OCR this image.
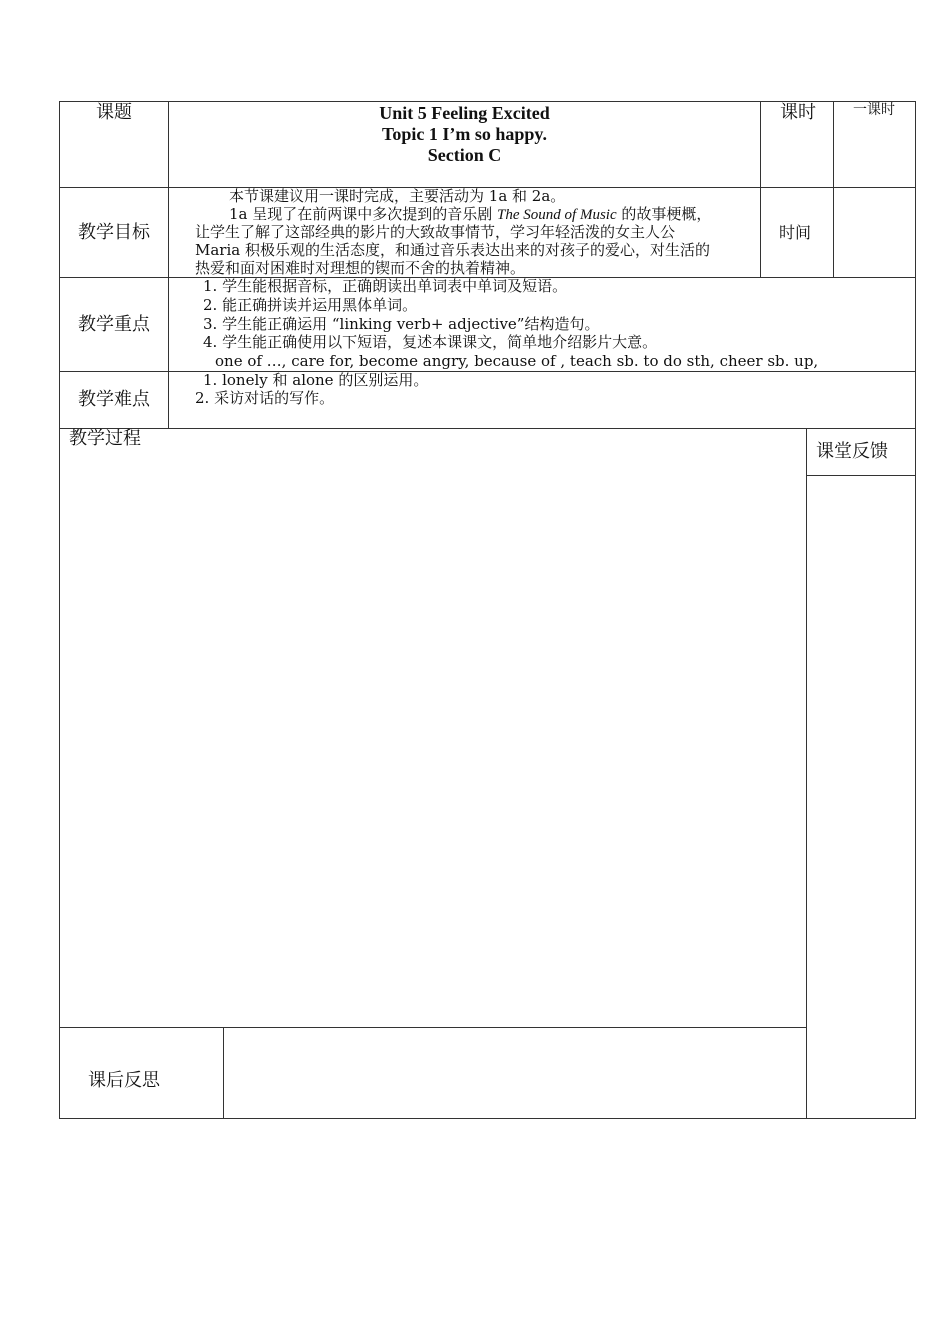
课题	Unit 5 Feeling Excited
Topic 1 I’m so happy.
Section C
课时	一课时
教学目标
本节课建议用一课时完成，主要活动为 1a 和 2a。
1a 呈现了在前两课中多次提到的音乐剧 The Sound of Music 的故事梗概，
让学生了解了这部经典的影片的大致故事情节，学习年轻活泼的女主人公
Maria 积极乐观的生活态度，和通过音乐表达出来的对孩子的爱心，对生活的
热爱和面对困难时对理想的锲而不舍的执着精神。
时间
教学重点
1. 学生能根据音标，正确朗读出单词表中单词及短语。
2. 能正确拼读并运用黑体单词。
3. 学生能正确运用 “linking verb+ adjective”结构造句。
4. 学生能正确使用以下短语，复述本课课文，简单地介绍影片大意。
one of …, care for, become angry, because of , teach sb. to do sth, cheer sb. up,
教学难点
1. lonely 和 alone 的区别运用。
2. 采访对话的写作。
教学过程
课堂反馈
课后反思
